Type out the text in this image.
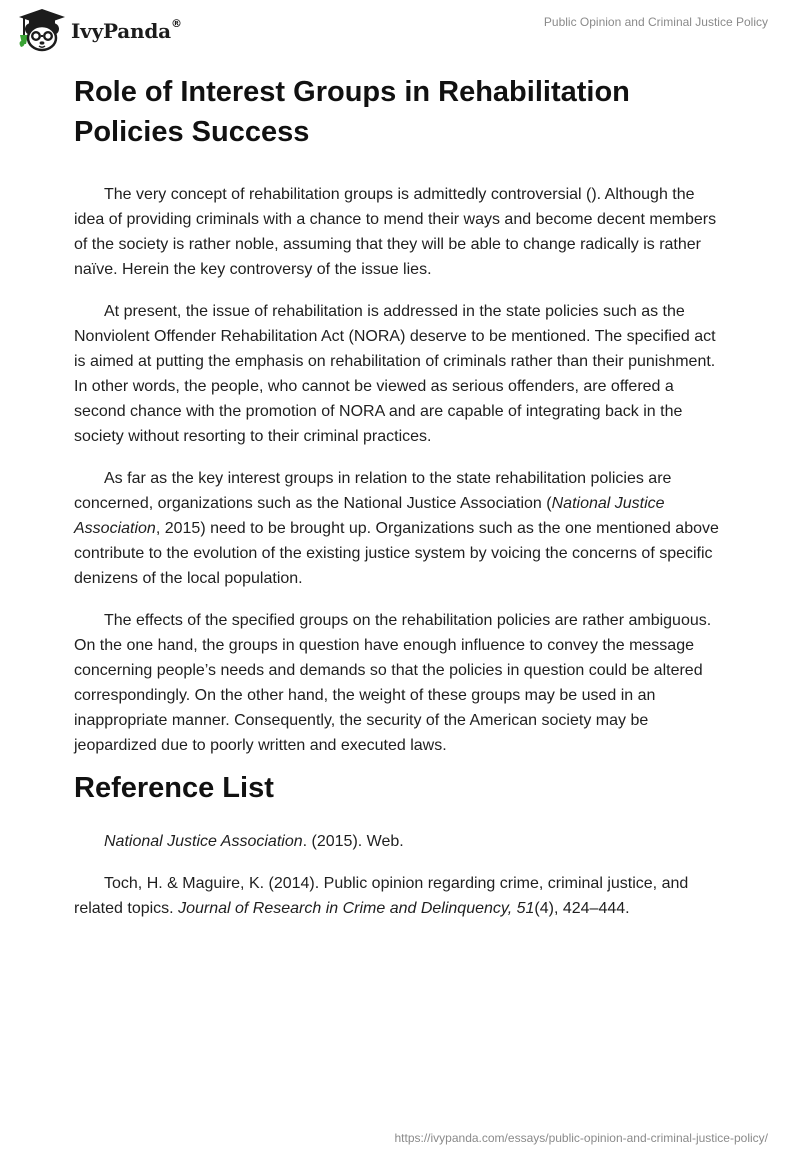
IvyPanda®	Public Opinion and Criminal Justice Policy
Role of Interest Groups in Rehabilitation Policies Success

The very concept of rehabilitation groups is admittedly controversial (). Although the idea of providing criminals with a chance to mend their ways and become decent members of the society is rather noble, assuming that they will be able to change radically is rather naïve. Herein the key controversy of the issue lies.

At present, the issue of rehabilitation is addressed in the state policies such as the Nonviolent Offender Rehabilitation Act (NORA) deserve to be mentioned. The specified act is aimed at putting the emphasis on rehabilitation of criminals rather than their punishment. In other words, the people, who cannot be viewed as serious offenders, are offered a second chance with the promotion of NORA and are capable of integrating back in the society without resorting to their criminal practices.

As far as the key interest groups in relation to the state rehabilitation policies are concerned, organizations such as the National Justice Association (National Justice Association, 2015) need to be brought up. Organizations such as the one mentioned above contribute to the evolution of the existing justice system by voicing the concerns of specific denizens of the local population.

The effects of the specified groups on the rehabilitation policies are rather ambiguous. On the one hand, the groups in question have enough influence to convey the message concerning people’s needs and demands so that the policies in question could be altered correspondingly. On the other hand, the weight of these groups may be used in an inappropriate manner. Consequently, the security of the American society may be jeopardized due to poorly written and executed laws.

Reference List

National Justice Association. (2015). Web.

Toch, H. & Maguire, K. (2014). Public opinion regarding crime, criminal justice, and related topics. Journal of Research in Crime and Delinquency, 51(4), 424–444.

https://ivypanda.com/essays/public-opinion-and-criminal-justice-policy/
